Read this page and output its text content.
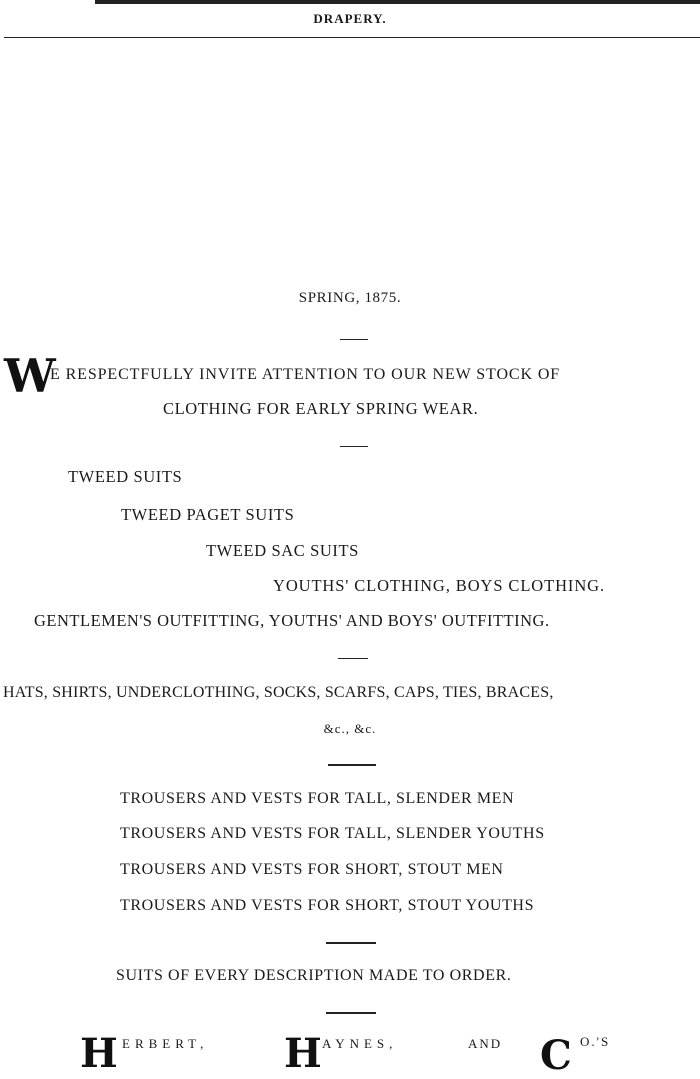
DRAPERY.
SPRING, 1875.
W
E RESPECTFULLY INVITE ATTENTION TO OUR NEW STOCK OF
CLOTHING FOR EARLY SPRING WEAR.
TWEED SUITS
TWEED PAGET SUITS
TWEED SAC SUITS
YOUTHS' CLOTHING, BOYS CLOTHING.
GENTLEMEN'S OUTFITTING, YOUTHS' AND BOYS' OUTFITTING.
HATS, SHIRTS, UNDERCLOTHING, SOCKS, SCARFS, CAPS, TIES, BRACES,
&c., &c.
TROUSERS AND VESTS FOR TALL, SLENDER MEN
TROUSERS AND VESTS FOR TALL, SLENDER YOUTHS
TROUSERS AND VESTS FOR SHORT, STOUT MEN
TROUSERS AND VESTS FOR SHORT, STOUT YOUTHS
SUITS OF EVERY DESCRIPTION MADE TO ORDER.
H ERBERT, H AYNES,	AND C O.'S
